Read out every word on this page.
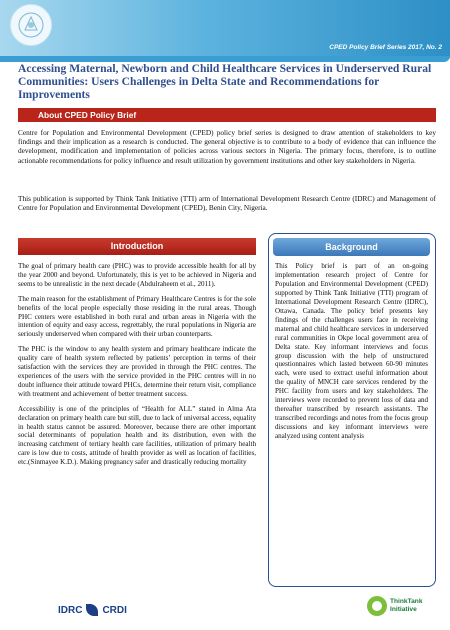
CPED Policy Brief Series 2017, No. 2
Accessing Maternal, Newborn and Child Healthcare Services in Underserved Rural Communities: Users Challenges in Delta State and Recommendations for Improvements
About CPED Policy Brief

Centre for Population and Environmental Development (CPED) policy brief series is designed to draw attention of stakeholders to key findings and their implication as a research is conducted. The general objective is to contribute to a body of evidence that can influence the development, modification and implementation of policies across various sectors in Nigeria. The primary focus, therefore, is to outline actionable recommendations for policy influence and result utilization by government institutions and other key stakeholders in Nigeria.

This publication is supported by Think Tank Initiative (TTI) arm of International Development Research Centre (IDRC) and Management of Centre for Population and Environmental Development (CPED), Benin City, Nigeria.

Introduction

The goal of primary health care (PHC) was to provide accessible health for all by the year 2000 and beyond. Unfortunately, this is yet to be achieved in Nigeria and seems to be unrealistic in the next decade (Abdulraheem et al., 2011).

The main reason for the establishment of Primary Healthcare Centres is for the sole benefits of the local people especially those residing in the rural areas. Though PHC centers were established in both rural and urban areas in Nigeria with the intention of equity and easy access, regrettably, the rural populations in Nigeria are seriously underserved when compared with their urban counterparts.

The PHC is the window to any health system and primary healthcare indicate the quality care of health system reflected by patients’ perception in terms of their satisfaction with the services they are provided in through the PHC centres. The experiences of the users with the service provided in the PHC centres will in no doubt influence their attitude toward PHCs, determine their return visit, compliance with treatment and achievement of better treatment success.

Accessibility is one of the principles of “Health for ALL” stated in Alma Ata declaration on primary health care but still, due to lack of universal access, equality in health status cannot be assured. Moreover, because there are other important social determinants of population health and its distribution, even with the increasing catchment of tertiary health care facilities, utilization of primary health care is low due to costs, attitude of health provider as well as location of facilities, etc.(Sinmayee K.D.). Making pregnancy safer and drastically reducing mortality

Background

This Policy brief is part of an on-going implementation research project of Centre for Population and Environmental Development (CPED) supported by Think Tank Initiative (TTI) program of International Development Research Centre (IDRC), Ottawa, Canada. The policy brief presents key findings of the challenges users face in receiving maternal and child healthcare services in underserved rural communities in Okpe local government area of Delta state. Key informant interviews and focus group discussion with the help of unstructured questionnaires which lasted between 60-90 minutes each, were used to extract useful information about the quality of MNCH care services rendered by the PHC facility from users and key stakeholders. The interviews were recorded to prevent loss of data and thereafter transcribed by research assistants. The transcribed recordings and notes from the focus group discussions and key informant interviews were analyzed using content analysis

IDRC CRDI
ThinkTank
Initiative
